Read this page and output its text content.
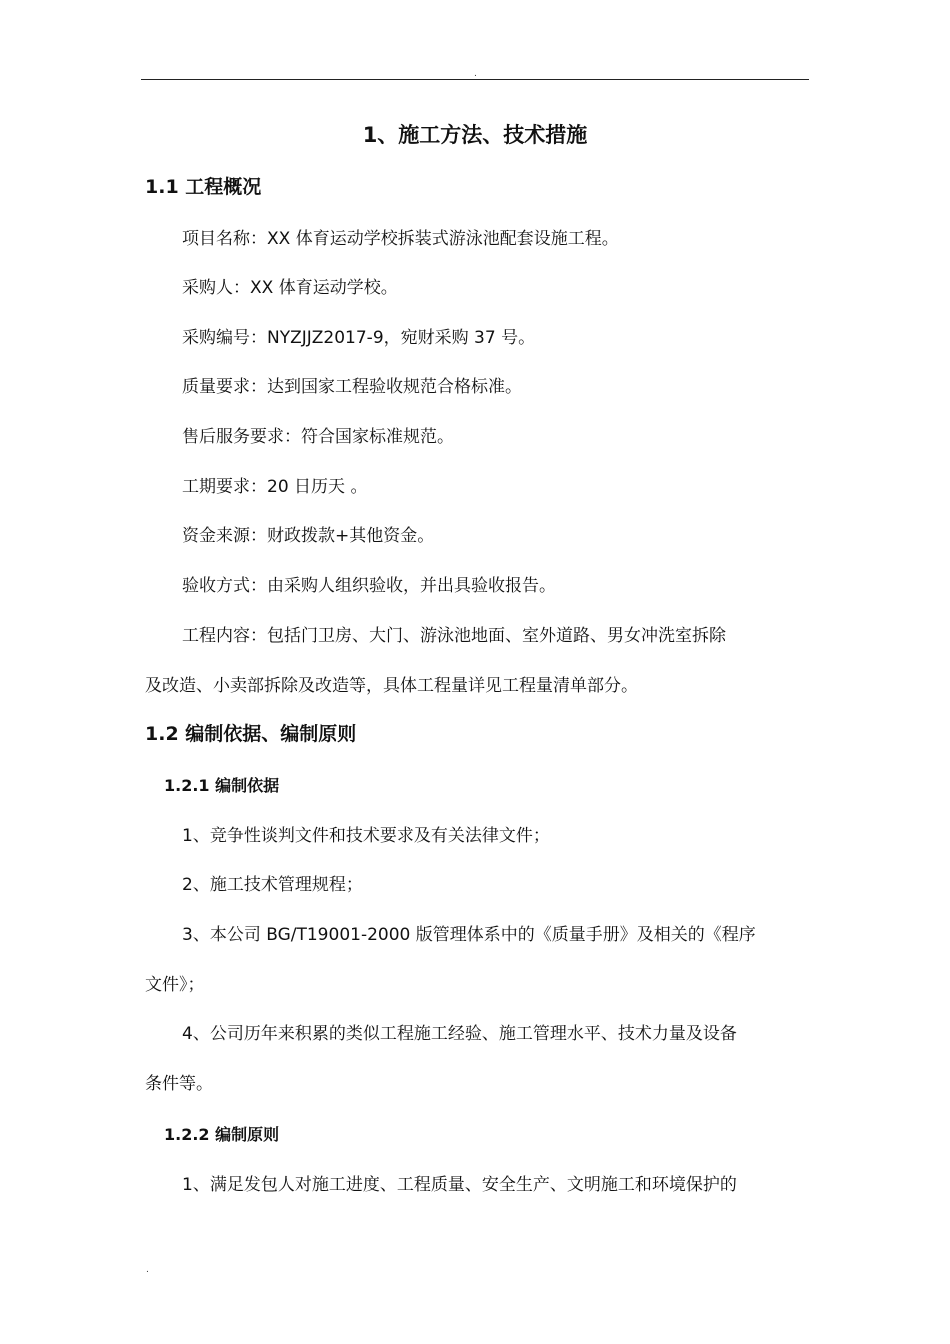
.
1、施工方法、技术措施
1.1 工程概况
项目名称：XX 体育运动学校拆装式游泳池配套设施工程。
采购人：XX 体育运动学校。
采购编号：NYZJJZ2017-9，宛财采购 37 号。
质量要求：达到国家工程验收规范合格标准。
售后服务要求：符合国家标准规范。
工期要求：20 日历天 。
资金来源：财政拨款+其他资金。
验收方式：由采购人组织验收，并出具验收报告。
工程内容：包括门卫房、大门、游泳池地面、室外道路、男女冲洗室拆除
及改造、小卖部拆除及改造等，具体工程量详见工程量清单部分。
1.2 编制依据、编制原则
1.2.1 编制依据
1、竞争性谈判文件和技术要求及有关法律文件；
2、施工技术管理规程；
3、本公司 BG/T19001-2000 版管理体系中的《质量手册》及相关的《程序
文件》；
4、公司历年来积累的类似工程施工经验、施工管理水平、技术力量及设备
条件等。
1.2.2 编制原则
1、满足发包人对施工进度、工程质量、安全生产、文明施工和环境保护的
.
